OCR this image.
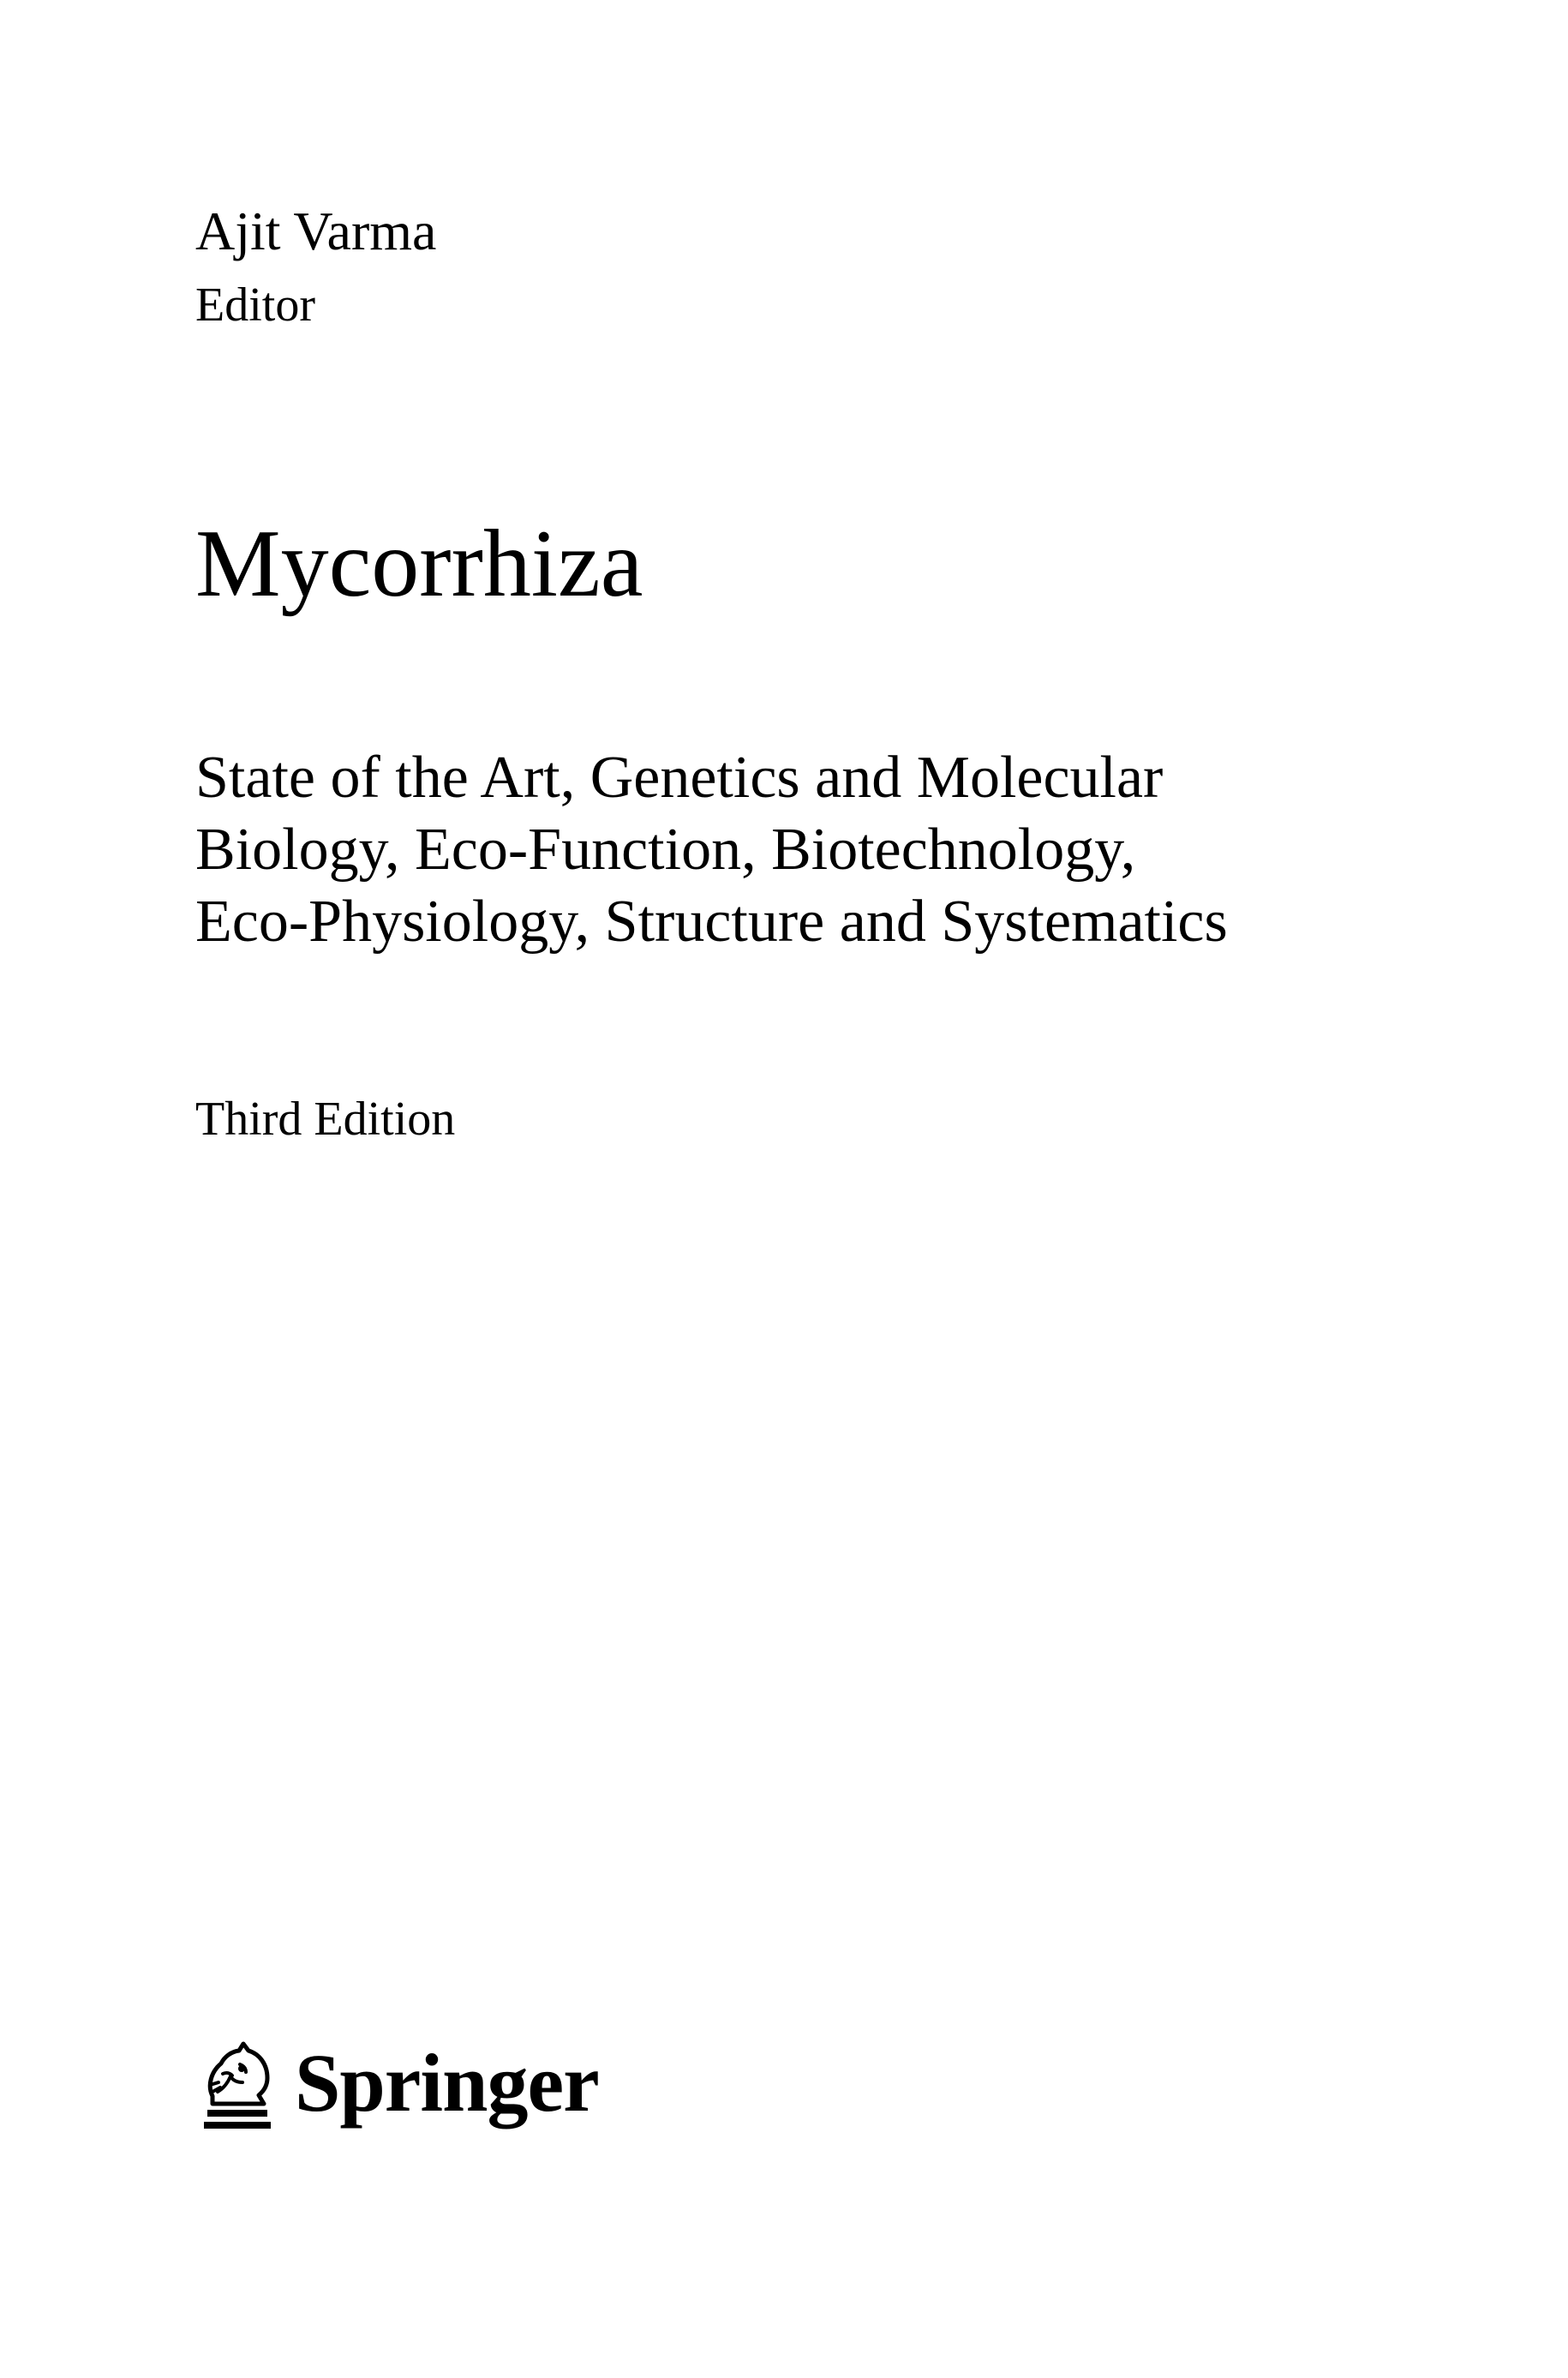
Ajit Varma
Editor
Mycorrhiza
State of the Art, Genetics and Molecular
Biology, Eco-Function, Biotechnology,
Eco-Physiology, Structure and Systematics
Third Edition
Springer
